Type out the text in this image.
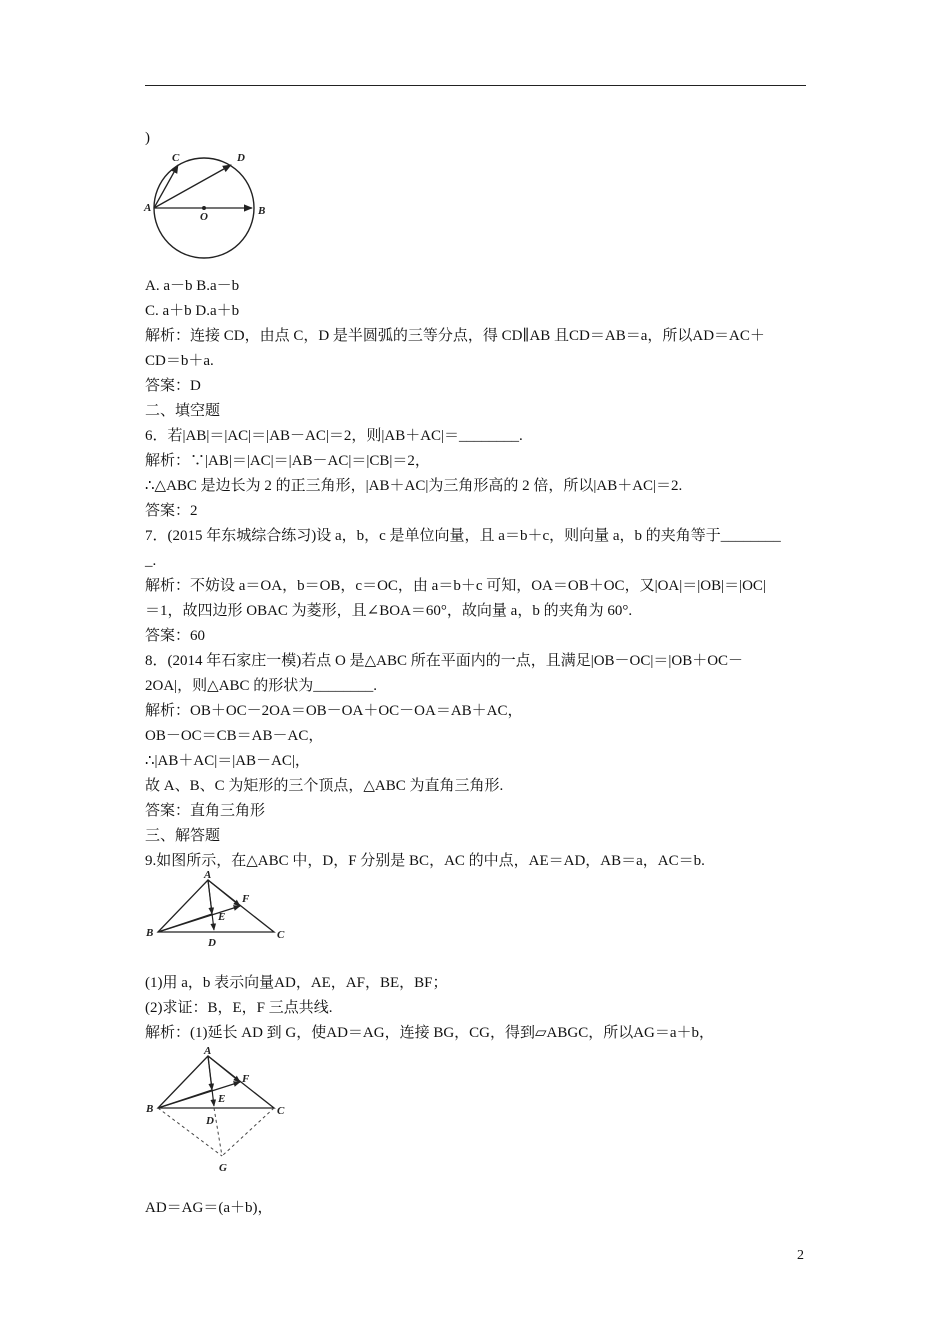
)
A	B
C	D
O
A. a－b B.a－b
C. a＋b D.a＋b
解析：连接 CD，由点 C，D 是半圆弧的三等分点，得 CD∥AB 且CD＝AB＝a，所以AD＝AC＋
CD＝b＋a.
答案：D
二、填空题
6．若|AB|＝|AC|＝|AB－AC|＝2，则|AB＋AC|＝________.
解析：∵|AB|＝|AC|＝|AB－AC|＝|CB|＝2，
∴△ABC 是边长为 2 的正三角形，|AB＋AC|为三角形高的 2 倍，所以|AB＋AC|＝2.
答案：2
7．(2015 年东城综合练习)设 a，b，c 是单位向量，且 a＝b＋c，则向量 a，b 的夹角等于________
_.
解析：不妨设 a＝OA，b＝OB，c＝OC，由 a＝b＋c 可知，OA＝OB＋OC，又|OA|＝|OB|＝|OC|
＝1，故四边形 OBAC 为菱形，且∠BOA＝60°，故向量 a，b 的夹角为 60°.
答案：60
8．(2014 年石家庄一模)若点 O 是△ABC 所在平面内的一点，且满足|OB－OC|＝|OB＋OC－
2OA|，则△ABC 的形状为________.
解析：OB＋OC－2OA＝OB－OA＋OC－OA＝AB＋AC，
OB－OC＝CB＝AB－AC，
∴|AB＋AC|＝|AB－AC|，
故 A、B、C 为矩形的三个顶点，△ABC 为直角三角形.
答案：直角三角形
三、解答题
9.如图所示，在△ABC 中，D，F 分别是 BC，AC 的中点，AE＝AD，AB＝a，AC＝b.
A
B	C
D
E
F
(1)用 a，b 表示向量AD，AE，AF，BE，BF；
(2)求证：B，E，F 三点共线.
解析：(1)延长 AD 到 G，使AD＝AG，连接 BG，CG，得到▱ABGC，所以AG＝a＋b，
A
B	C
D
E
F
G
AD＝AG＝(a＋b)，
2
